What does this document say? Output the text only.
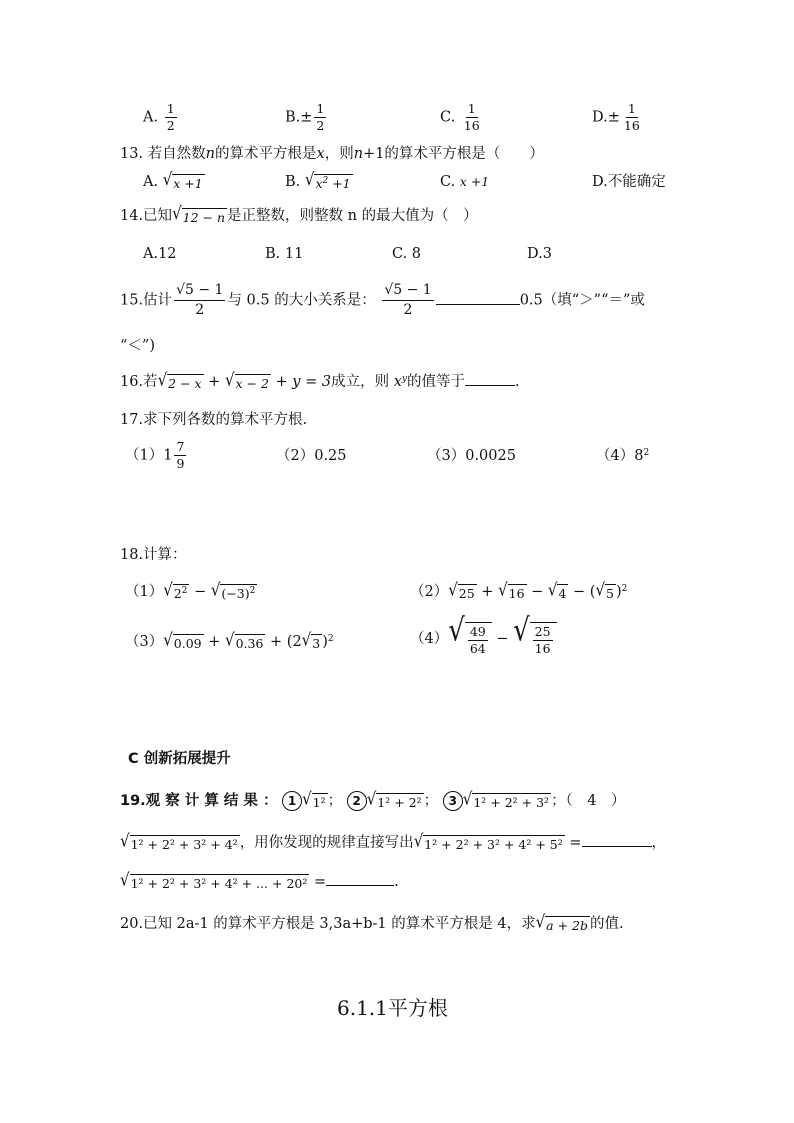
A. $\frac{1}{2}$	$B.\pm \frac{1}{2}$	C. $\frac{1}{16}$	$D.\pm \frac{1}{16}$
13. 若自然数n的算术平方根是x，则n+1的算术平方根是（　　）
A. √ x +1	B. √ $x^2 +1$	C. x +1	D.不能确定
14.已知 √ 12 − n 是正整数，则整数 n 的最大值为（　）
A.12	B. 11	C. 8	D.3
15.估计 $\frac{√5 - 1}{2}$ 与 0.5 的大小关系是： $\frac{√5 - 1}{2}$	0.5（填“＞”“＝”或
“＜”)
16.若 √ 2 − x + √ x − 2 + y = 3成立，则 $x^y$的值等于	.
17.求下列各数的算术平方根.
$(1)1 \frac{7}{9}$	（2）0.25	（3）0.0025	$(4)8^2$
18.计算：
（1） √ $2^2$ − √ $(-3)^2$	（2） √ 25 + √ 16 − √ 4 − ( √ 5 )$^2$
（3） √ 0.09 + √ 0.36 + (2 √ 3 )$^2$	（4） √ $\frac{49}{64}$ − √ $\frac{25}{16}$
C 创新拓展提升
19.观 察 计 算 结 果 ： 1 √ 1² ； 2 √ 1² + 2² ； 3 √ 1² + 2² + 3² ；（　4　）
√ 1² + 2² + 3² + 4² ，用你发现的规律直接写出 √ 1² + 2² + 3² + 4² + 5² =	，
√ 1² + 2² + 3² + 4² + ... + 20² =	.
20.已知 2a-1 的算术平方根是 3,3a+b-1 的算术平方根是 4，求 √ a + 2b 的值.
6.1.1平方根
